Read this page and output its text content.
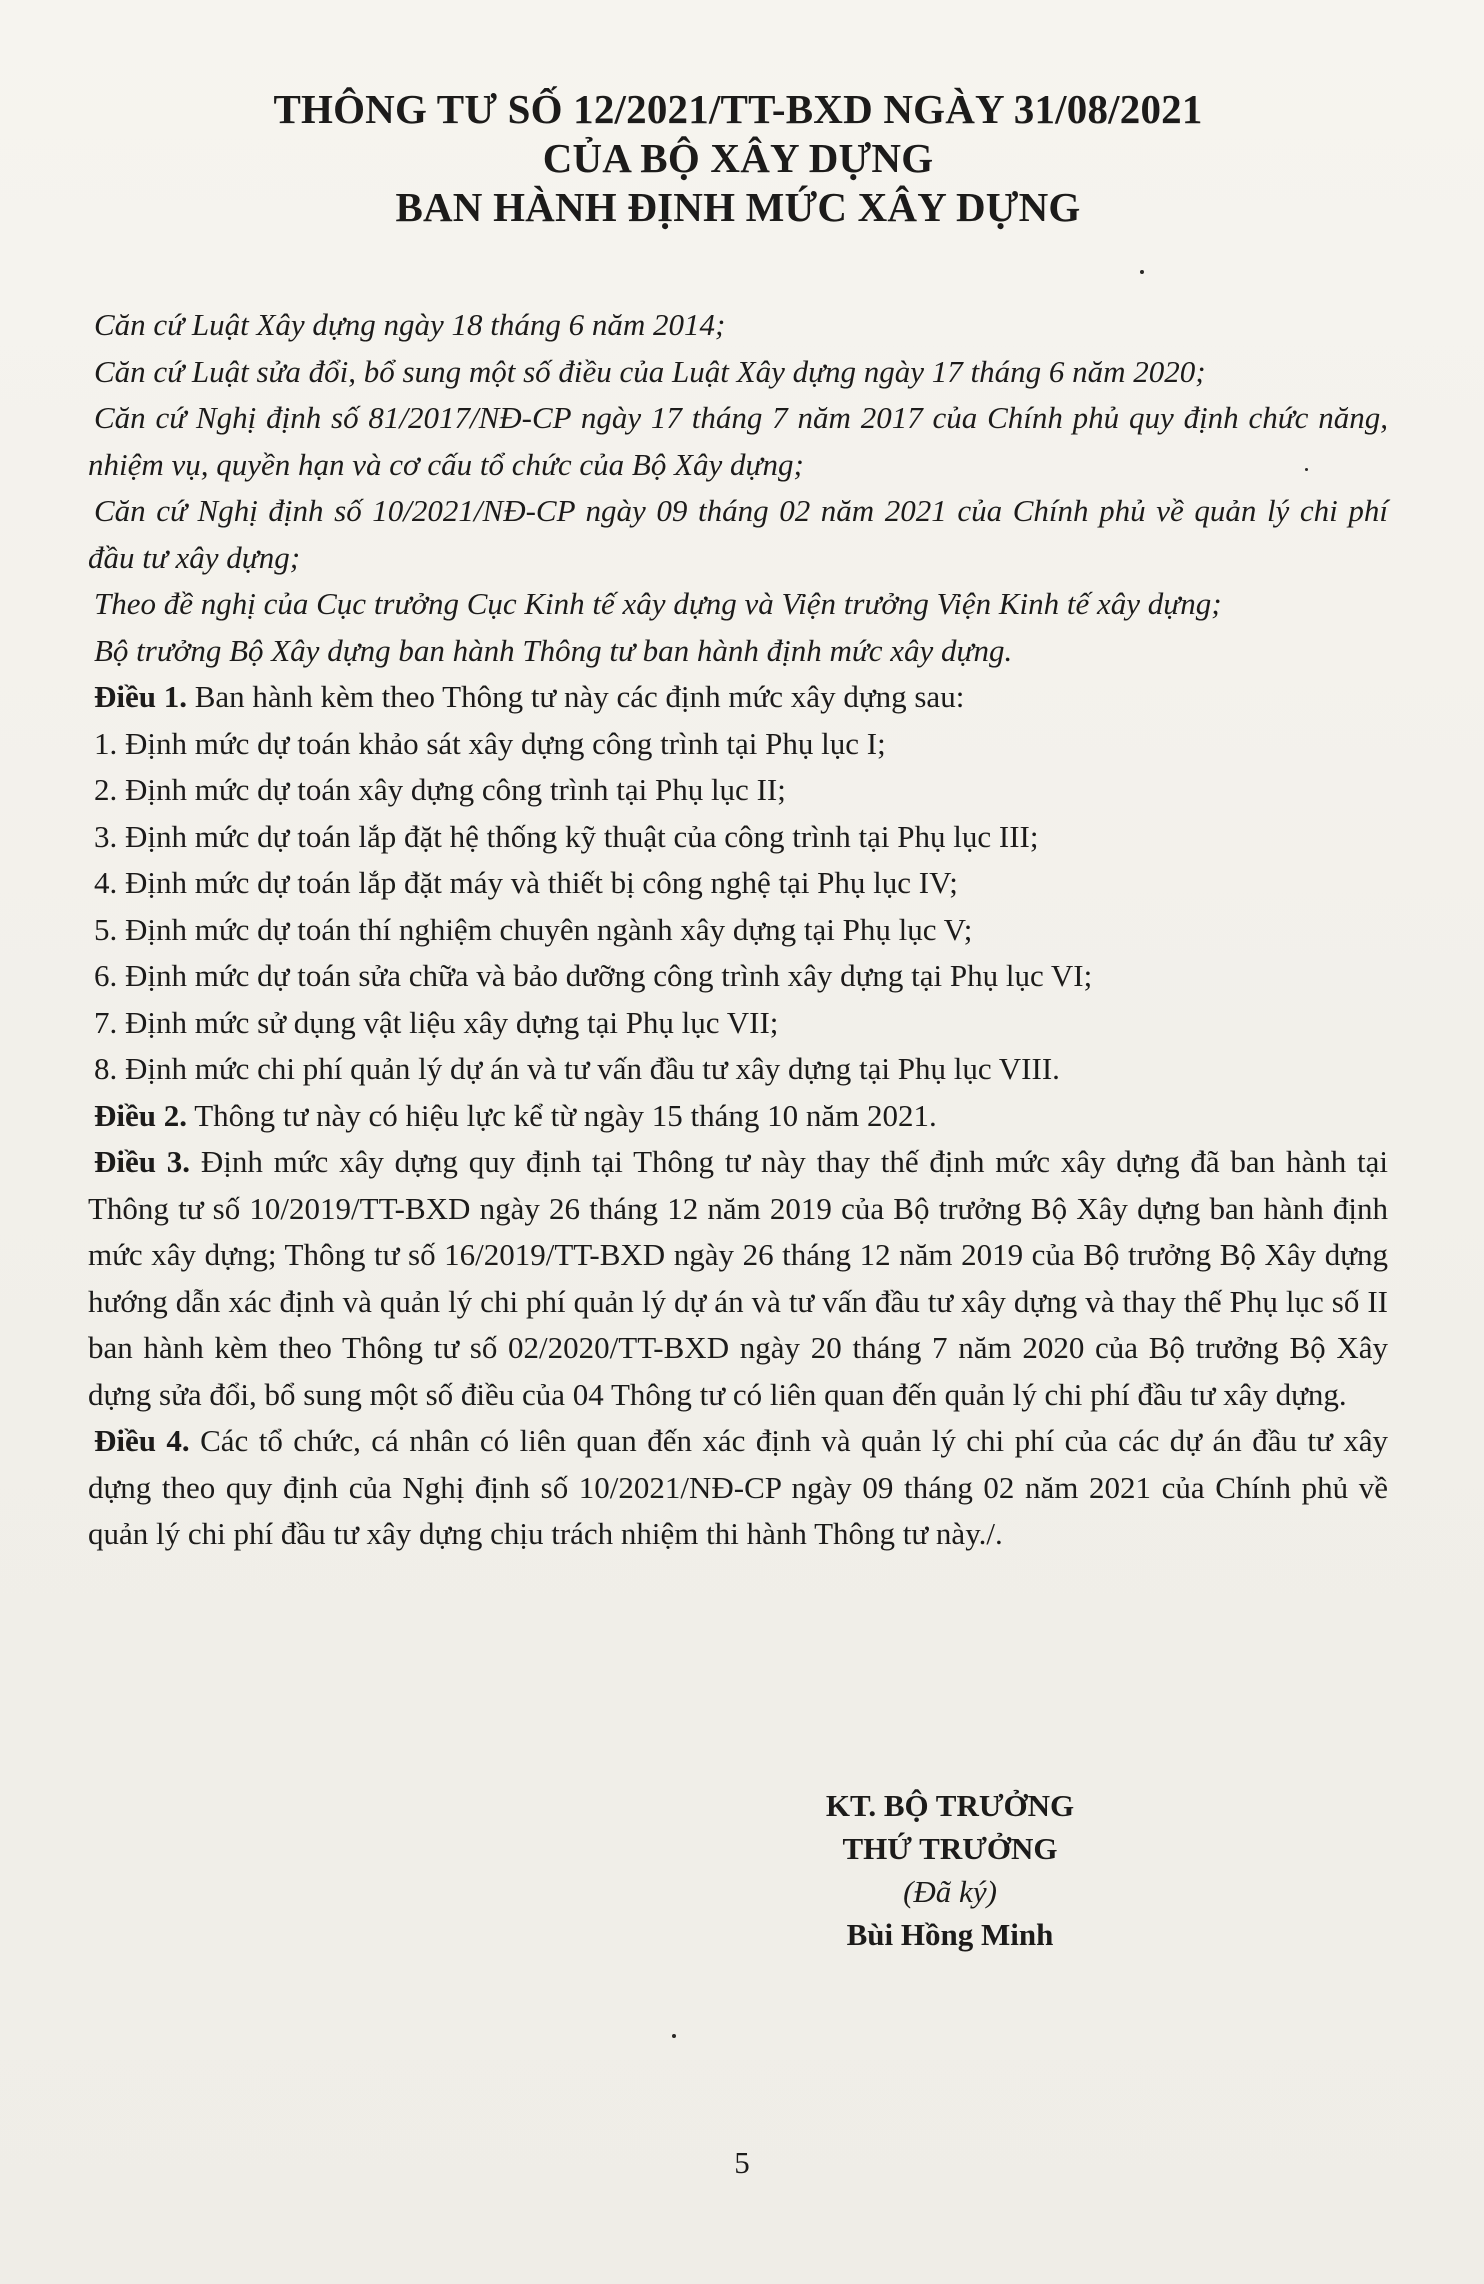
THÔNG TƯ SỐ 12/2021/TT-BXD NGÀY 31/08/2021
CỦA BỘ XÂY DỰNG
BAN HÀNH ĐỊNH MỨC XÂY DỰNG

Căn cứ Luật Xây dựng ngày 18 tháng 6 năm 2014;

Căn cứ Luật sửa đổi, bổ sung một số điều của Luật Xây dựng ngày 17 tháng 6 năm 2020;

Căn cứ Nghị định số 81/2017/NĐ-CP ngày 17 tháng 7 năm 2017 của Chính phủ quy định chức năng, nhiệm vụ, quyền hạn và cơ cấu tổ chức của Bộ Xây dựng;

Căn cứ Nghị định số 10/2021/NĐ-CP ngày 09 tháng 02 năm 2021 của Chính phủ về quản lý chi phí đầu tư xây dựng;

Theo đề nghị của Cục trưởng Cục Kinh tế xây dựng và Viện trưởng Viện Kinh tế xây dựng;

Bộ trưởng Bộ Xây dựng ban hành Thông tư ban hành định mức xây dựng.

Điều 1. Ban hành kèm theo Thông tư này các định mức xây dựng sau:

1. Định mức dự toán khảo sát xây dựng công trình tại Phụ lục I;

2. Định mức dự toán xây dựng công trình tại Phụ lục II;

3. Định mức dự toán lắp đặt hệ thống kỹ thuật của công trình tại Phụ lục III;

4. Định mức dự toán lắp đặt máy và thiết bị công nghệ tại Phụ lục IV;

5. Định mức dự toán thí nghiệm chuyên ngành xây dựng tại Phụ lục V;

6. Định mức dự toán sửa chữa và bảo dưỡng công trình xây dựng tại Phụ lục VI;

7. Định mức sử dụng vật liệu xây dựng tại Phụ lục VII;

8. Định mức chi phí quản lý dự án và tư vấn đầu tư xây dựng tại Phụ lục VIII.

Điều 2. Thông tư này có hiệu lực kể từ ngày 15 tháng 10 năm 2021.

Điều 3. Định mức xây dựng quy định tại Thông tư này thay thế định mức xây dựng đã ban hành tại Thông tư số 10/2019/TT-BXD ngày 26 tháng 12 năm 2019 của Bộ trưởng Bộ Xây dựng ban hành định mức xây dựng; Thông tư số 16/2019/TT-BXD ngày 26 tháng 12 năm 2019 của Bộ trưởng Bộ Xây dựng hướng dẫn xác định và quản lý chi phí quản lý dự án và tư vấn đầu tư xây dựng và thay thế Phụ lục số II ban hành kèm theo Thông tư số 02/2020/TT-BXD ngày 20 tháng 7 năm 2020 của Bộ trưởng Bộ Xây dựng sửa đổi, bổ sung một số điều của 04 Thông tư có liên quan đến quản lý chi phí đầu tư xây dựng.

Điều 4. Các tổ chức, cá nhân có liên quan đến xác định và quản lý chi phí của các dự án đầu tư xây dựng theo quy định của Nghị định số 10/2021/NĐ-CP ngày 09 tháng 02 năm 2021 của Chính phủ về quản lý chi phí đầu tư xây dựng chịu trách nhiệm thi hành Thông tư này./.

KT. BỘ TRƯỞNG
THỨ TRƯỞNG
(Đã ký)
Bùi Hồng Minh
5
